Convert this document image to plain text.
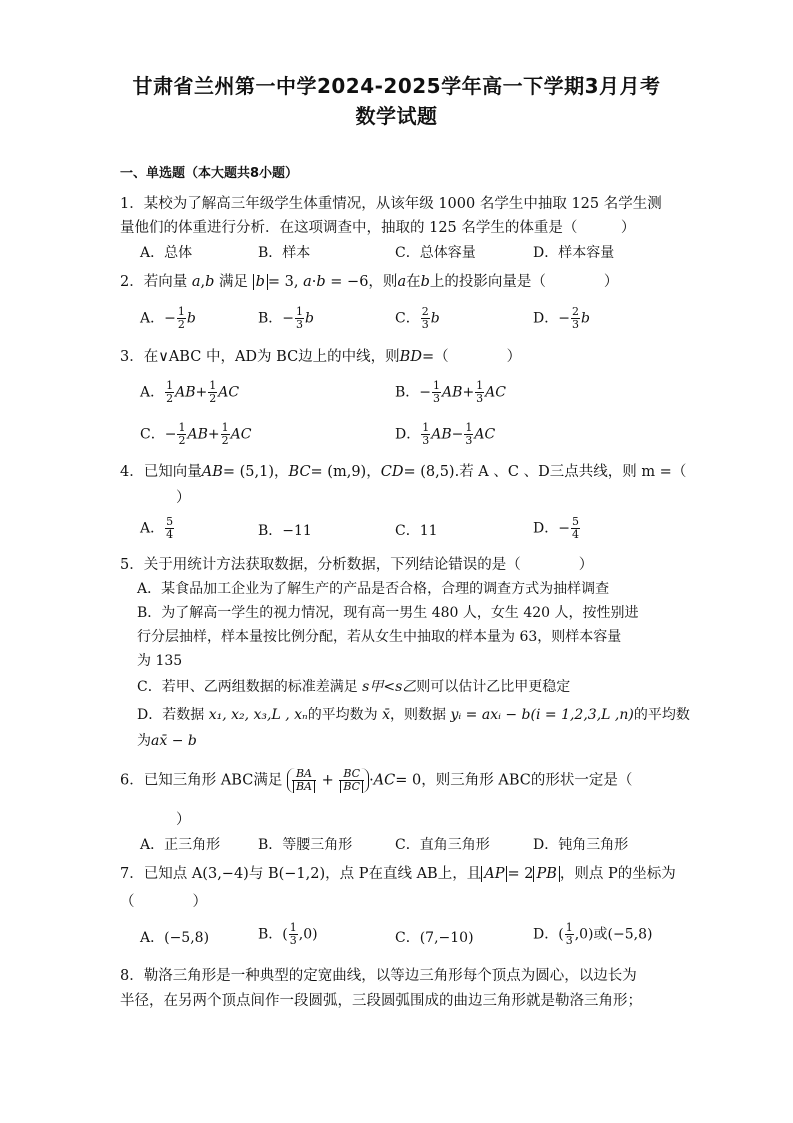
甘肃省兰州第一中学2024-2025学年高一下学期3月月考
数学试题
一、单选题（本大题共8小题）
1．某校为了解高三年级学生体重情况，从该年级 1000 名学生中抽取 125 名学生测
量他们的体重进行分析．在这项调查中，抽取的 125 名学生的体重是（　　　）
A．总体	B．样本	C．总体容量	D．样本容量
2．若向量 a,b 满足 b = 3, a·b = −6，则a在b上的投影向量是（　　　　）
A．− $\frac{1}{2}$ b	B．− $\frac{1}{3}$ b	C． $\frac{2}{3}$ b	D．− $\frac{2}{3}$ b
3．在∨ABC 中，AD为 BC边上的中线，则BD=（　　　　）
A． $\frac{1}{2} AB+ \frac{1}{2}$ AC	B．− $\frac{1}{3} AB+ \frac{1}{3}$ AC
C．− $\frac{1}{2} AB+ \frac{1}{2}$ AC	D． $\frac{1}{3} AB- \frac{1}{3}$ AC
4．已知向量AB= (5,1)，BC= (m,9)，CD= (8,5).若 A 、C 、D三点共线，则 m =（
）
A． $\frac{5}{4}$	B．−11	C．11	D．− $\frac{5}{4}$
5．关于用统计方法获取数据，分析数据，下列结论错误的是（　　　　）
A．某食品加工企业为了解生产的产品是否合格，合理的调查方式为抽样调查
B．为了解高一学生的视力情况，现有高一男生 480 人，女生 420 人，按性别进
行分层抽样，样本量按比例分配，若从女生中抽取的样本量为 63，则样本容量
为 135
C．若甲、乙两组数据的标准差满足 s甲<s乙则可以估计乙比甲更稳定
D．若数据 x₁, x₂, x₃,L , xₙ的平均数为 x̄，则数据 yᵢ = axᵢ − b(i = 1,2,3,L ,n)的平均数
为ax̄ − b
6．已知三角形 ABC满足 $\frac{BA}{BA} + \frac{BC}{BC} \cdot AC= 0$，则三角形 ABC的形状一定是（
）
A．正三角形	B．等腰三角形	C．直角三角形	D．钝角三角形
7．已知点 A(3,−4)与 B(−1,2)，点 P在直线 AB上，且 AP = 2 PB ，则点 P的坐标为
（　　　　）
A．(−5,8)	B．( $\frac{1}{3} ,0$)	C．(7,−10)	D．( $\frac{1}{3} ,0$)或(−5,8)
8．勒洛三角形是一种典型的定宽曲线，以等边三角形每个顶点为圆心，以边长为
半径，在另两个顶点间作一段圆弧，三段圆弧围成的曲边三角形就是勒洛三角形；
